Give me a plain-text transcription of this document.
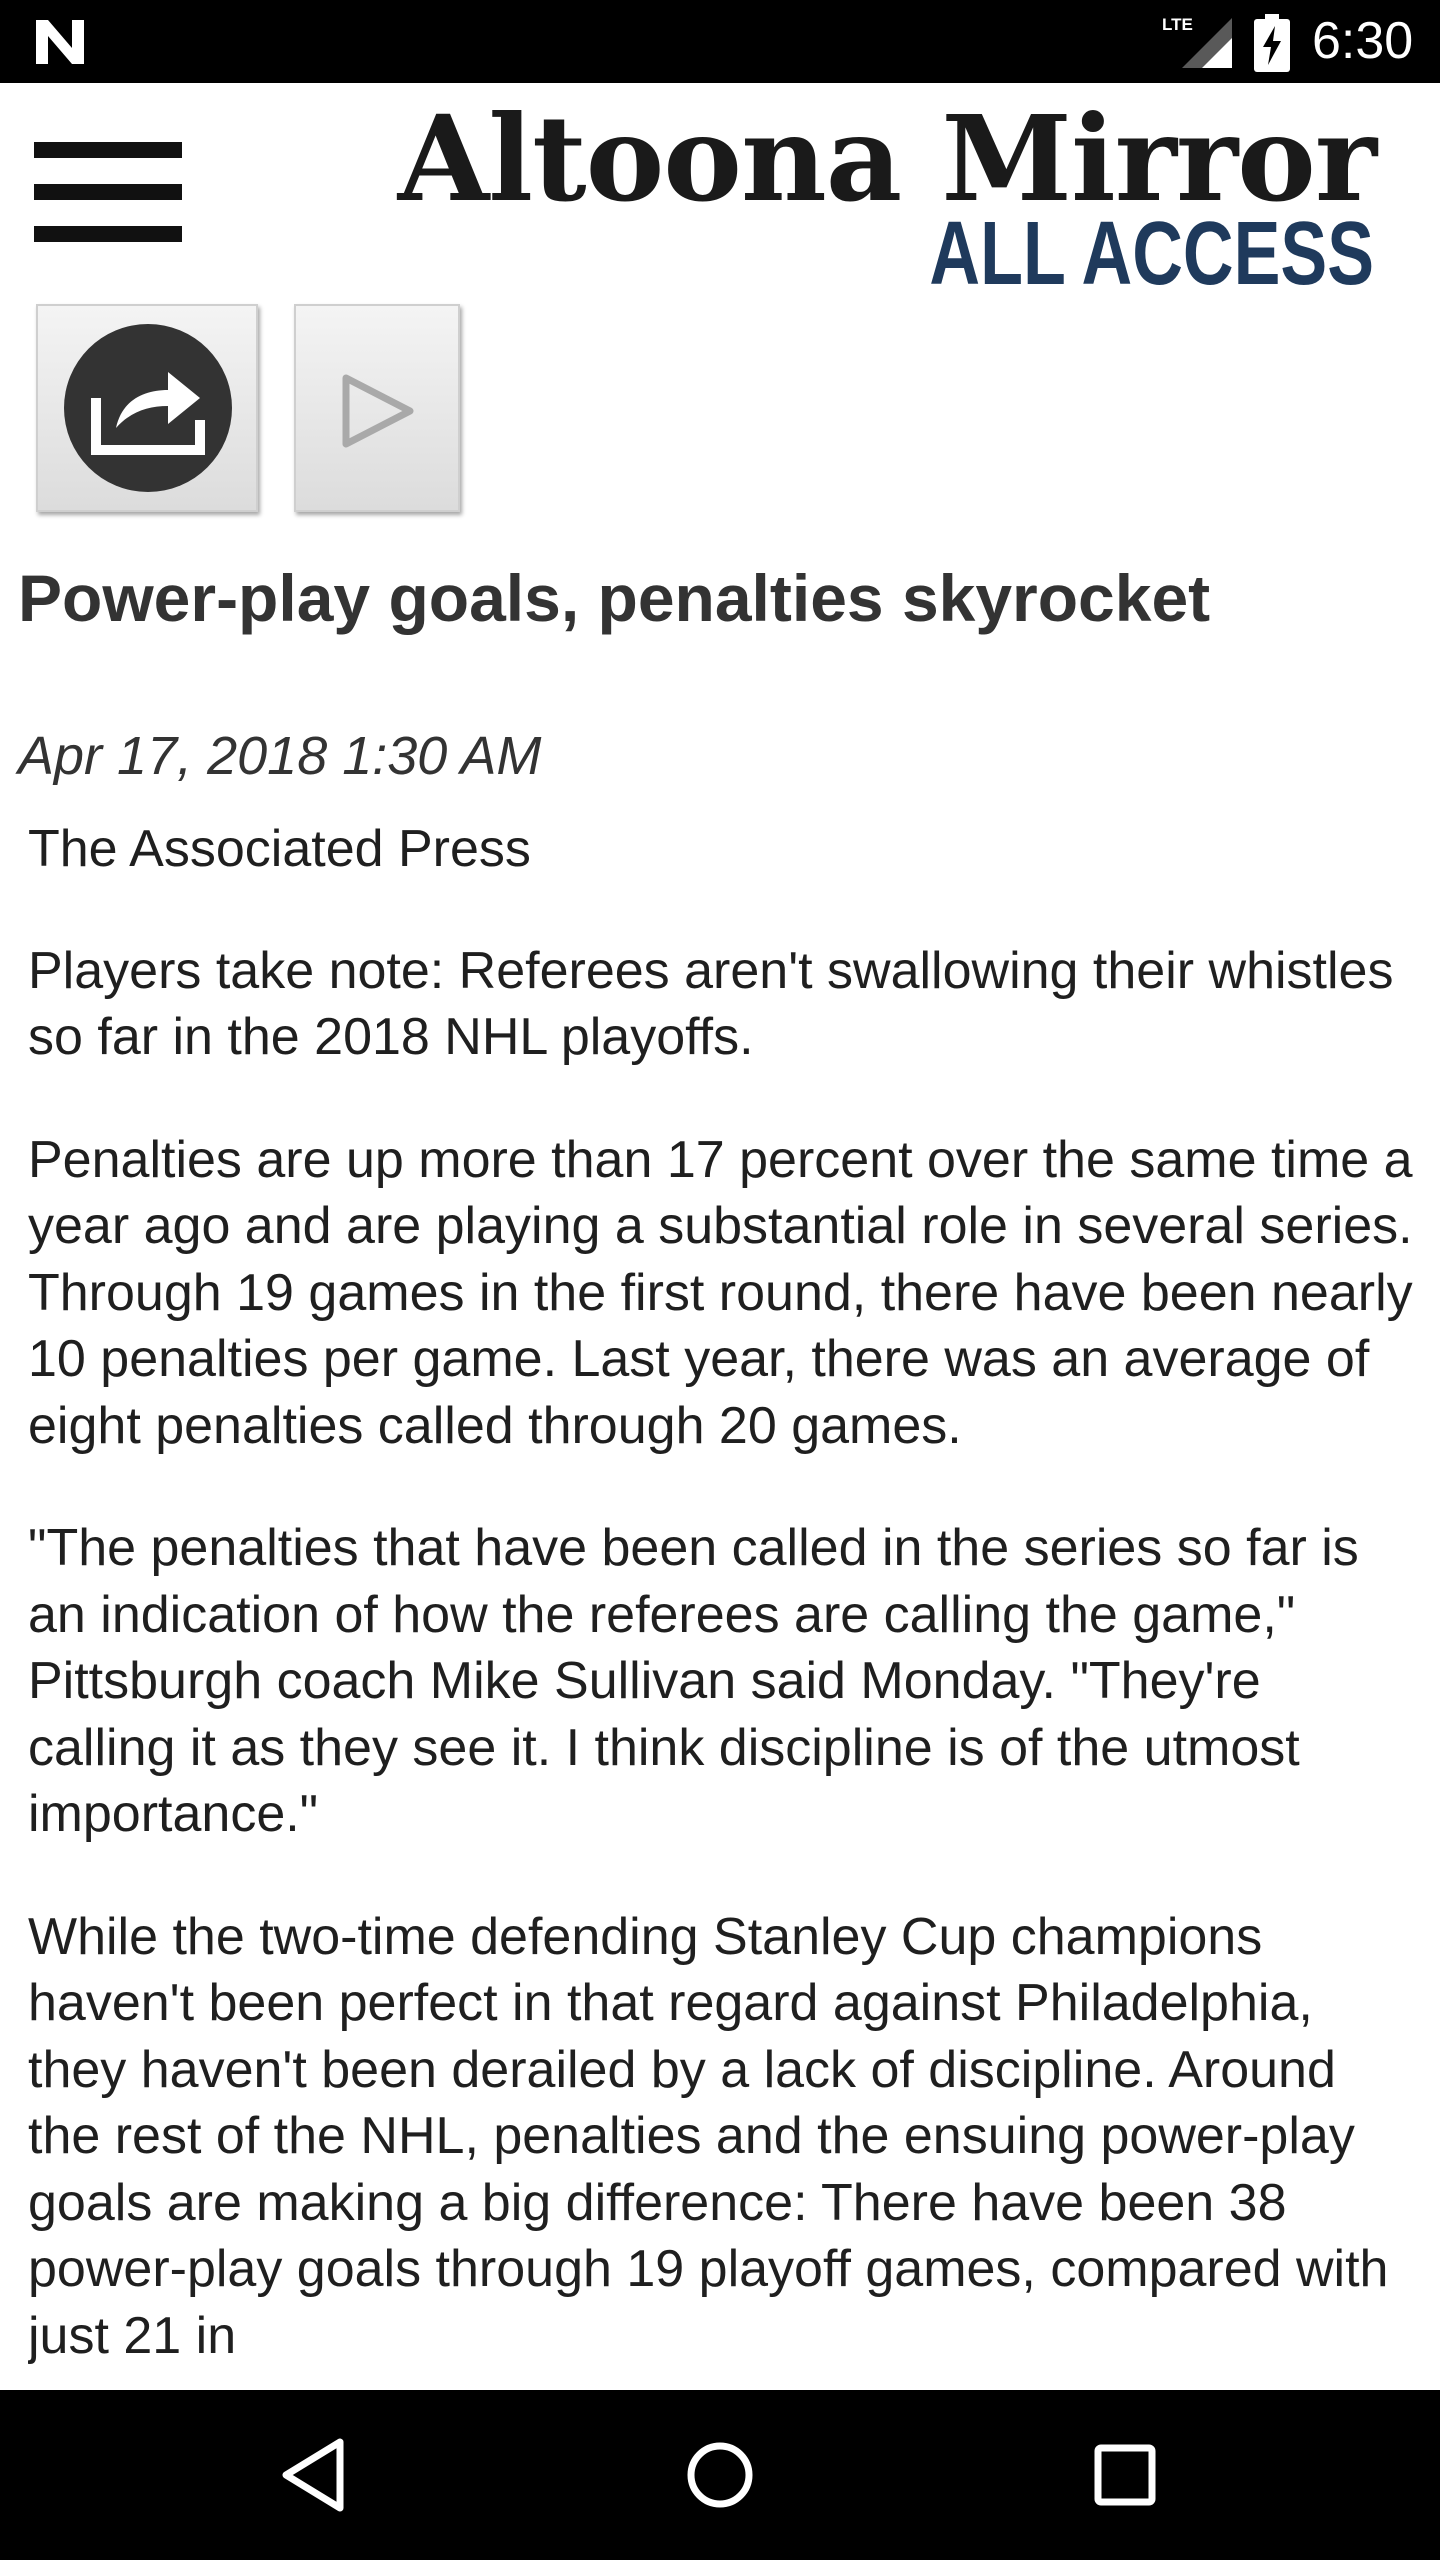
LTE 6:30
Altoona Mirror
ALL ACCESS
Power-play goals, penalties skyrocket
Apr 17, 2018 1:30 AM

The Associated Press

Players take note: Referees aren't swallowing their whistles so far in the 2018 NHL playoffs.

Penalties are up more than 17 percent over the same time a year ago and are playing a substantial role in several series. Through 19 games in the first round, there have been nearly 10 penalties per game. Last year, there was an average of eight penalties called through 20 games.

"The penalties that have been called in the series so far is an indication of how the referees are calling the game," Pittsburgh coach Mike Sullivan said Monday. "They're calling it as they see it. I think discipline is of the utmost importance."

While the two-time defending Stanley Cup champions haven't been perfect in that regard against Philadelphia, they haven't been derailed by a lack of discipline. Around the rest of the NHL, penalties and the ensuing power-play goals are making a big difference: There have been 38 power-play goals through 19 playoff games, compared with just 21 in
